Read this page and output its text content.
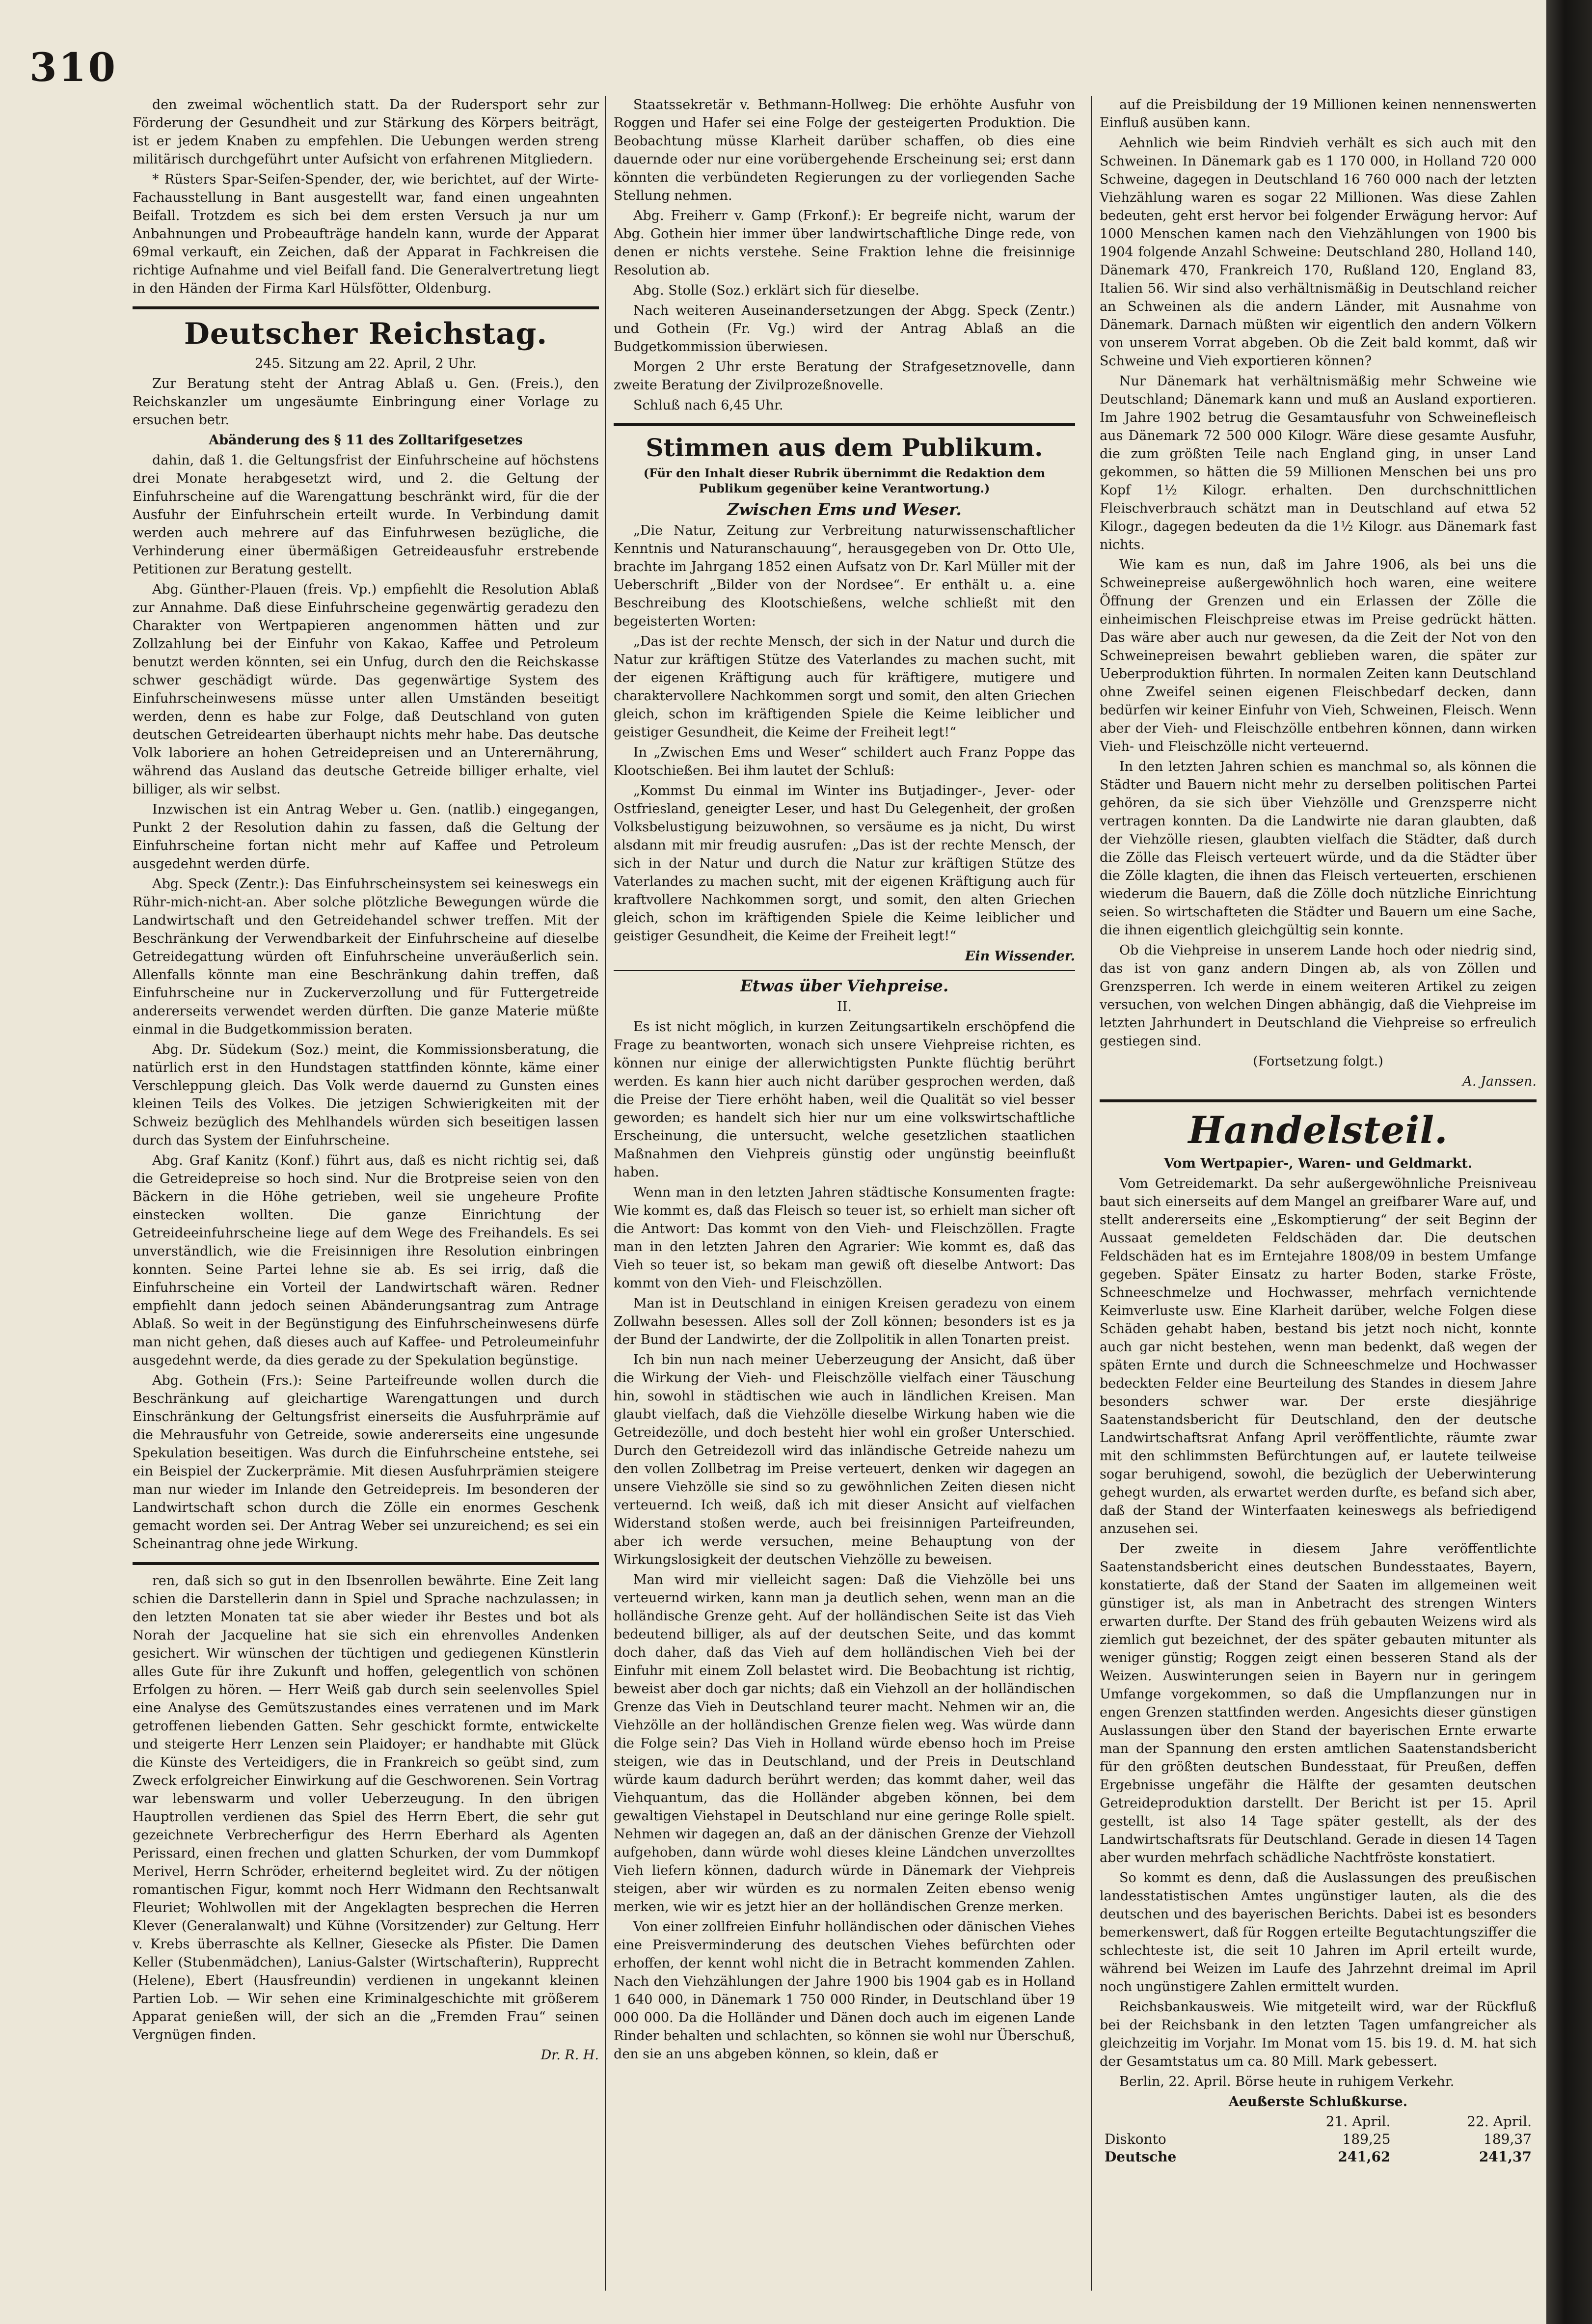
310

den zweimal wöchentlich statt. Da der Rudersport sehr zur Förderung der Gesundheit und zur Stärkung des Körpers beiträgt, ist er jedem Knaben zu empfehlen. Die Uebungen werden streng militärisch durchgeführt unter Aufsicht von erfahrenen Mitgliedern.

* Rüsters Spar-Seifen-Spender, der, wie berichtet, auf der Wirte-Fachausstellung in Bant ausgestellt war, fand einen ungeahnten Beifall. Trotzdem es sich bei dem ersten Versuch ja nur um Anbahnungen und Probeaufträge handeln kann, wurde der Apparat 69mal verkauft, ein Zeichen, daß der Apparat in Fachkreisen die richtige Aufnahme und viel Beifall fand. Die Generalvertretung liegt in den Händen der Firma Karl Hülsfötter, Oldenburg.

Deutscher Reichstag.

245. Sitzung am 22. April, 2 Uhr.

Zur Beratung steht der Antrag Ablaß u. Gen. (Freis.), den Reichskanzler um ungesäumte Einbringung einer Vorlage zu ersuchen betr.

Abänderung des § 11 des Zolltarifgesetzes

dahin, daß 1. die Geltungsfrist der Einfuhrscheine auf höchstens drei Monate herabgesetzt wird, und 2. die Geltung der Einfuhrscheine auf die Warengattung beschränkt wird, für die der Ausfuhr der Einfuhrschein erteilt wurde. In Verbindung damit werden auch mehrere auf das Einfuhrwesen bezügliche, die Verhinderung einer übermäßigen Getreideausfuhr erstrebende Petitionen zur Beratung gestellt.

Abg. Günther-Plauen (freis. Vp.) empfiehlt die Resolution Ablaß zur Annahme. Daß diese Einfuhrscheine gegenwärtig geradezu den Charakter von Wertpapieren angenommen hätten und zur Zollzahlung bei der Einfuhr von Kakao, Kaffee und Petroleum benutzt werden könnten, sei ein Unfug, durch den die Reichskasse schwer geschädigt würde. Das gegenwärtige System des Einfuhrscheinwesens müsse unter allen Umständen beseitigt werden, denn es habe zur Folge, daß Deutschland von guten deutschen Getreidearten überhaupt nichts mehr habe. Das deutsche Volk laboriere an hohen Getreidepreisen und an Unterernährung, während das Ausland das deutsche Getreide billiger erhalte, viel billiger, als wir selbst.

Inzwischen ist ein Antrag Weber u. Gen. (natlib.) eingegangen, Punkt 2 der Resolution dahin zu fassen, daß die Geltung der Einfuhrscheine fortan nicht mehr auf Kaffee und Petroleum ausgedehnt werden dürfe.

Abg. Speck (Zentr.): Das Einfuhrscheinsystem sei keineswegs ein Rühr-mich-nicht-an. Aber solche plötzliche Bewegungen würde die Landwirtschaft und den Getreidehandel schwer treffen. Mit der Beschränkung der Verwendbarkeit der Einfuhrscheine auf dieselbe Getreidegattung würden oft Einfuhrscheine unveräußerlich sein. Allenfalls könnte man eine Beschränkung dahin treffen, daß Einfuhrscheine nur in Zuckerverzollung und für Futtergetreide andererseits verwendet werden dürften. Die ganze Materie müßte einmal in die Budgetkommission beraten.

Abg. Dr. Südekum (Soz.) meint, die Kommissionsberatung, die natürlich erst in den Hundstagen stattfinden könnte, käme einer Verschleppung gleich. Das Volk werde dauernd zu Gunsten eines kleinen Teils des Volkes. Die jetzigen Schwierigkeiten mit der Schweiz bezüglich des Mehlhandels würden sich beseitigen lassen durch das System der Einfuhrscheine.

Abg. Graf Kanitz (Konf.) führt aus, daß es nicht richtig sei, daß die Getreidepreise so hoch sind. Nur die Brotpreise seien von den Bäckern in die Höhe getrieben, weil sie ungeheure Profite einstecken wollten. Die ganze Einrichtung der Getreideeinfuhrscheine liege auf dem Wege des Freihandels. Es sei unverständlich, wie die Freisinnigen ihre Resolution einbringen konnten. Seine Partei lehne sie ab. Es sei irrig, daß die Einfuhrscheine ein Vorteil der Landwirtschaft wären. Redner empfiehlt dann jedoch seinen Abänderungsantrag zum Antrage Ablaß. So weit in der Begünstigung des Einfuhrscheinwesens dürfe man nicht gehen, daß dieses auch auf Kaffee- und Petroleumeinfuhr ausgedehnt werde, da dies gerade zu der Spekulation begünstige.

Abg. Gothein (Frs.): Seine Parteifreunde wollen durch die Beschränkung auf gleichartige Warengattungen und durch Einschränkung der Geltungsfrist einerseits die Ausfuhrprämie auf die Mehrausfuhr von Getreide, sowie andererseits eine ungesunde Spekulation beseitigen. Was durch die Einfuhrscheine entstehe, sei ein Beispiel der Zuckerprämie. Mit diesen Ausfuhrprämien steigere man nur wieder im Inlande den Getreidepreis. Im besonderen der Landwirtschaft schon durch die Zölle ein enormes Geschenk gemacht worden sei. Der Antrag Weber sei unzureichend; es sei ein Scheinantrag ohne jede Wirkung.

ren, daß sich so gut in den Ibsenrollen bewährte. Eine Zeit lang schien die Darstellerin dann in Spiel und Sprache nachzulassen; in den letzten Monaten tat sie aber wieder ihr Bestes und bot als Norah der Jacqueline hat sie sich ein ehrenvolles Andenken gesichert. Wir wünschen der tüchtigen und gediegenen Künstlerin alles Gute für ihre Zukunft und hoffen, gelegentlich von schönen Erfolgen zu hören. — Herr Weiß gab durch sein seelenvolles Spiel eine Analyse des Gemütszustandes eines verratenen und im Mark getroffenen liebenden Gatten. Sehr geschickt formte, entwickelte und steigerte Herr Lenzen sein Plaidoyer; er handhabte mit Glück die Künste des Verteidigers, die in Frankreich so geübt sind, zum Zweck erfolgreicher Einwirkung auf die Geschworenen. Sein Vortrag war lebenswarm und voller Ueberzeugung. In den übrigen Hauptrollen verdienen das Spiel des Herrn Ebert, die sehr gut gezeichnete Verbrecherfigur des Herrn Eberhard als Agenten Perissard, einen frechen und glatten Schurken, der vom Dummkopf Merivel, Herrn Schröder, erheiternd begleitet wird. Zu der nötigen romantischen Figur, kommt noch Herr Widmann den Rechtsanwalt Fleuriet; Wohlwollen mit der Angeklagten besprechen die Herren Klever (Generalanwalt) und Kühne (Vorsitzender) zur Geltung. Herr v. Krebs überraschte als Kellner, Giesecke als Pfister. Die Damen Keller (Stubenmädchen), Lanius-Galster (Wirtschafterin), Rupprecht (Helene), Ebert (Hausfreundin) verdienen in ungekannt kleinen Partien Lob. — Wir sehen eine Kriminalgeschichte mit größerem Apparat genießen will, der sich an die „Fremden Frau“ seinen Vergnügen finden.

Dr. R. H.

Staatssekretär v. Bethmann-Hollweg: Die erhöhte Ausfuhr von Roggen und Hafer sei eine Folge der gesteigerten Produktion. Die Beobachtung müsse Klarheit darüber schaffen, ob dies eine dauernde oder nur eine vorübergehende Erscheinung sei; erst dann könnten die verbündeten Regierungen zu der vorliegenden Sache Stellung nehmen.

Abg. Freiherr v. Gamp (Frkonf.): Er begreife nicht, warum der Abg. Gothein hier immer über landwirtschaftliche Dinge rede, von denen er nichts verstehe. Seine Fraktion lehne die freisinnige Resolution ab.

Abg. Stolle (Soz.) erklärt sich für dieselbe.

Nach weiteren Auseinandersetzungen der Abgg. Speck (Zentr.) und Gothein (Fr. Vg.) wird der Antrag Ablaß an die Budgetkommission überwiesen.

Morgen 2 Uhr erste Beratung der Strafgesetznovelle, dann zweite Beratung der Zivilprozeßnovelle.

Schluß nach 6,45 Uhr.

Stimmen aus dem Publikum.

(Für den Inhalt dieser Rubrik übernimmt die Redaktion dem Publikum gegenüber keine Verantwortung.)

Zwischen Ems und Weser.

„Die Natur, Zeitung zur Verbreitung naturwissenschaftlicher Kenntnis und Naturanschauung“, herausgegeben von Dr. Otto Ule, brachte im Jahrgang 1852 einen Aufsatz von Dr. Karl Müller mit der Ueberschrift „Bilder von der Nordsee“. Er enthält u. a. eine Beschreibung des Klootschießens, welche schließt mit den begeisterten Worten:

„Das ist der rechte Mensch, der sich in der Natur und durch die Natur zur kräftigen Stütze des Vaterlandes zu machen sucht, mit der eigenen Kräftigung auch für kräftigere, mutigere und charaktervollere Nachkommen sorgt und somit, den alten Griechen gleich, schon im kräftigenden Spiele die Keime leiblicher und geistiger Gesundheit, die Keime der Freiheit legt!“

In „Zwischen Ems und Weser“ schildert auch Franz Poppe das Klootschießen. Bei ihm lautet der Schluß:

„Kommst Du einmal im Winter ins Butjadinger-, Jever- oder Ostfriesland, geneigter Leser, und hast Du Gelegenheit, der großen Volksbelustigung beizuwohnen, so versäume es ja nicht, Du wirst alsdann mit mir freudig ausrufen: „Das ist der rechte Mensch, der sich in der Natur und durch die Natur zur kräftigen Stütze des Vaterlandes zu machen sucht, mit der eigenen Kräftigung auch für kraftvollere Nachkommen sorgt, und somit, den alten Griechen gleich, schon im kräftigenden Spiele die Keime leiblicher und geistiger Gesundheit, die Keime der Freiheit legt!“

Ein Wissender.

Etwas über Viehpreise.

II.

Es ist nicht möglich, in kurzen Zeitungsartikeln erschöpfend die Frage zu beantworten, wonach sich unsere Viehpreise richten, es können nur einige der allerwichtigsten Punkte flüchtig berührt werden. Es kann hier auch nicht darüber gesprochen werden, daß die Preise der Tiere erhöht haben, weil die Qualität so viel besser geworden; es handelt sich hier nur um eine volkswirtschaftliche Erscheinung, die untersucht, welche gesetzlichen staatlichen Maßnahmen den Viehpreis günstig oder ungünstig beeinflußt haben.

Wenn man in den letzten Jahren städtische Konsumenten fragte: Wie kommt es, daß das Fleisch so teuer ist, so erhielt man sicher oft die Antwort: Das kommt von den Vieh- und Fleischzöllen. Fragte man in den letzten Jahren den Agrarier: Wie kommt es, daß das Vieh so teuer ist, so bekam man gewiß oft dieselbe Antwort: Das kommt von den Vieh- und Fleischzöllen.

Man ist in Deutschland in einigen Kreisen geradezu von einem Zollwahn besessen. Alles soll der Zoll können; besonders ist es ja der Bund der Landwirte, der die Zollpolitik in allen Tonarten preist.

Ich bin nun nach meiner Ueberzeugung der Ansicht, daß über die Wirkung der Vieh- und Fleischzölle vielfach einer Täuschung hin, sowohl in städtischen wie auch in ländlichen Kreisen. Man glaubt vielfach, daß die Viehzölle dieselbe Wirkung haben wie die Getreidezölle, und doch besteht hier wohl ein großer Unterschied. Durch den Getreidezoll wird das inländische Getreide nahezu um den vollen Zollbetrag im Preise verteuert, denken wir dagegen an unsere Viehzölle sie sind so zu gewöhnlichen Zeiten diesen nicht verteuernd. Ich weiß, daß ich mit dieser Ansicht auf vielfachen Widerstand stoßen werde, auch bei freisinnigen Parteifreunden, aber ich werde versuchen, meine Behauptung von der Wirkungslosigkeit der deutschen Viehzölle zu beweisen.

Man wird mir vielleicht sagen: Daß die Viehzölle bei uns verteuernd wirken, kann man ja deutlich sehen, wenn man an die holländische Grenze geht. Auf der holländischen Seite ist das Vieh bedeutend billiger, als auf der deutschen Seite, und das kommt doch daher, daß das Vieh auf dem holländischen Vieh bei der Einfuhr mit einem Zoll belastet wird. Die Beobachtung ist richtig, beweist aber doch gar nichts; daß ein Viehzoll an der holländischen Grenze das Vieh in Deutschland teurer macht. Nehmen wir an, die Viehzölle an der holländischen Grenze fielen weg. Was würde dann die Folge sein? Das Vieh in Holland würde ebenso hoch im Preise steigen, wie das in Deutschland, und der Preis in Deutschland würde kaum dadurch berührt werden; das kommt daher, weil das Viehquantum, das die Holländer abgeben können, bei dem gewaltigen Viehstapel in Deutschland nur eine geringe Rolle spielt. Nehmen wir dagegen an, daß an der dänischen Grenze der Viehzoll aufgehoben, dann würde wohl dieses kleine Ländchen unverzolltes Vieh liefern können, dadurch würde in Dänemark der Viehpreis steigen, aber wir würden es zu normalen Zeiten ebenso wenig merken, wie wir es jetzt hier an der holländischen Grenze merken.

Von einer zollfreien Einfuhr holländischen oder dänischen Viehes eine Preisverminderung des deutschen Viehes befürchten oder erhoffen, der kennt wohl nicht die in Betracht kommenden Zahlen. Nach den Viehzählungen der Jahre 1900 bis 1904 gab es in Holland 1 640 000, in Dänemark 1 750 000 Rinder, in Deutschland über 19 000 000. Da die Holländer und Dänen doch auch im eigenen Lande Rinder behalten und schlachten, so können sie wohl nur Überschuß, den sie an uns abgeben können, so klein, daß er

auf die Preisbildung der 19 Millionen keinen nennenswerten Einfluß ausüben kann.

Aehnlich wie beim Rindvieh verhält es sich auch mit den Schweinen. In Dänemark gab es 1 170 000, in Holland 720 000 Schweine, dagegen in Deutschland 16 760 000 nach der letzten Viehzählung waren es sogar 22 Millionen. Was diese Zahlen bedeuten, geht erst hervor bei folgender Erwägung hervor: Auf 1000 Menschen kamen nach den Viehzählungen von 1900 bis 1904 folgende Anzahl Schweine: Deutschland 280, Holland 140, Dänemark 470, Frankreich 170, Rußland 120, England 83, Italien 56. Wir sind also verhältnismäßig in Deutschland reicher an Schweinen als die andern Länder, mit Ausnahme von Dänemark. Darnach müßten wir eigentlich den andern Völkern von unserem Vorrat abgeben. Ob die Zeit bald kommt, daß wir Schweine und Vieh exportieren können?

Nur Dänemark hat verhältnismäßig mehr Schweine wie Deutschland; Dänemark kann und muß an Ausland exportieren. Im Jahre 1902 betrug die Gesamtausfuhr von Schweinefleisch aus Dänemark 72 500 000 Kilogr. Wäre diese gesamte Ausfuhr, die zum größten Teile nach England ging, in unser Land gekommen, so hätten die 59 Millionen Menschen bei uns pro Kopf 1½ Kilogr. erhalten. Den durchschnittlichen Fleischverbrauch schätzt man in Deutschland auf etwa 52 Kilogr., dagegen bedeuten da die 1½ Kilogr. aus Dänemark fast nichts.

Wie kam es nun, daß im Jahre 1906, als bei uns die Schweinepreise außergewöhnlich hoch waren, eine weitere Öffnung der Grenzen und ein Erlassen der Zölle die einheimischen Fleischpreise etwas im Preise gedrückt hätten. Das wäre aber auch nur gewesen, da die Zeit der Not von den Schweinepreisen bewahrt geblieben waren, die später zur Ueberproduktion führten. In normalen Zeiten kann Deutschland ohne Zweifel seinen eigenen Fleischbedarf decken, dann bedürfen wir keiner Einfuhr von Vieh, Schweinen, Fleisch. Wenn aber der Vieh- und Fleischzölle entbehren können, dann wirken Vieh- und Fleischzölle nicht verteuernd.

In den letzten Jahren schien es manchmal so, als können die Städter und Bauern nicht mehr zu derselben politischen Partei gehören, da sie sich über Viehzölle und Grenzsperre nicht vertragen konnten. Da die Landwirte nie daran glaubten, daß der Viehzölle riesen, glaubten vielfach die Städter, daß durch die Zölle das Fleisch verteuert würde, und da die Städter über die Zölle klagten, die ihnen das Fleisch verteuerten, erschienen wiederum die Bauern, daß die Zölle doch nützliche Einrichtung seien. So wirtschafteten die Städter und Bauern um eine Sache, die ihnen eigentlich gleichgültig sein konnte.

Ob die Viehpreise in unserem Lande hoch oder niedrig sind, das ist von ganz andern Dingen ab, als von Zöllen und Grenzsperren. Ich werde in einem weiteren Artikel zu zeigen versuchen, von welchen Dingen abhängig, daß die Viehpreise im letzten Jahrhundert in Deutschland die Viehpreise so erfreulich gestiegen sind.

(Fortsetzung folgt.)

A. Janssen.

Handelsteil.

Vom Wertpapier-, Waren- und Geldmarkt.

Vom Getreidemarkt. Da sehr außergewöhnliche Preisniveau baut sich einerseits auf dem Mangel an greifbarer Ware auf, und stellt andererseits eine „Eskomptierung“ der seit Beginn der Aussaat gemeldeten Feldschäden dar. Die deutschen Feldschäden hat es im Erntejahre 1808/09 in bestem Umfange gegeben. Später Einsatz zu harter Boden, starke Fröste, Schneeschmelze und Hochwasser, mehrfach vernichtende Keimverluste usw. Eine Klarheit darüber, welche Folgen diese Schäden gehabt haben, bestand bis jetzt noch nicht, konnte auch gar nicht bestehen, wenn man bedenkt, daß wegen der späten Ernte und durch die Schneeschmelze und Hochwasser bedeckten Felder eine Beurteilung des Standes in diesem Jahre besonders schwer war. Der erste diesjährige Saatenstandsbericht für Deutschland, den der deutsche Landwirtschaftsrat Anfang April veröffentlichte, räumte zwar mit den schlimmsten Befürchtungen auf, er lautete teilweise sogar beruhigend, sowohl, die bezüglich der Ueberwinterung gehegt wurden, als erwartet werden durfte, es befand sich aber, daß der Stand der Winterfaaten keineswegs als befriedigend anzusehen sei.

Der zweite in diesem Jahre veröffentlichte Saatenstandsbericht eines deutschen Bundesstaates, Bayern, konstatierte, daß der Stand der Saaten im allgemeinen weit günstiger ist, als man in Anbetracht des strengen Winters erwarten durfte. Der Stand des früh gebauten Weizens wird als ziemlich gut bezeichnet, der des später gebauten mitunter als weniger günstig; Roggen zeigt einen besseren Stand als der Weizen. Auswinterungen seien in Bayern nur in geringem Umfange vorgekommen, so daß die Umpflanzungen nur in engen Grenzen stattfinden werden. Angesichts dieser günstigen Auslassungen über den Stand der bayerischen Ernte erwarte man der Spannung den ersten amtlichen Saatenstandsbericht für den größten deutschen Bundesstaat, für Preußen, deffen Ergebnisse ungefähr die Hälfte der gesamten deutschen Getreideproduktion darstellt. Der Bericht ist per 15. April gestellt, ist also 14 Tage später gestellt, als der des Landwirtschaftsrats für Deutschland. Gerade in diesen 14 Tagen aber wurden mehrfach schädliche Nachtfröste konstatiert.

So kommt es denn, daß die Auslassungen des preußischen landesstatistischen Amtes ungünstiger lauten, als die des deutschen und des bayerischen Berichts. Dabei ist es besonders bemerkenswert, daß für Roggen erteilte Begutachtungsziffer die schlechteste ist, die seit 10 Jahren im April erteilt wurde, während bei Weizen im Laufe des Jahrzehnt dreimal im April noch ungünstigere Zahlen ermittelt wurden.

Reichsbankausweis. Wie mitgeteilt wird, war der Rückfluß bei der Reichsbank in den letzten Tagen umfangreicher als gleichzeitig im Vorjahr. Im Monat vom 15. bis 19. d. M. hat sich der Gesamtstatus um ca. 80 Mill. Mark gebessert.

Berlin, 22. April. Börse heute in ruhigem Verkehr.

Aeußerste Schlußkurse.

	21. April.	22. April.
Diskonto	189,25	189,37
Deutsche	241,62	241,37
